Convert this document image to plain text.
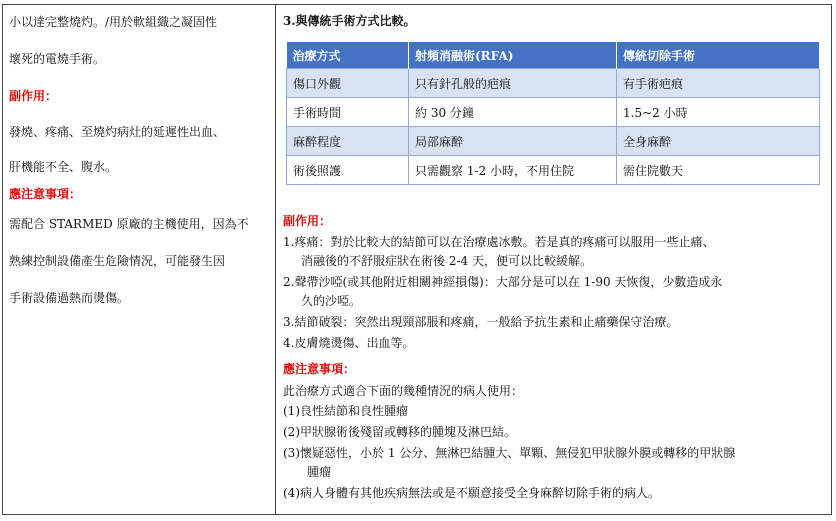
小以達完整燒灼。/用於軟組織之凝固性
壞死的電燒手術。
副作用：
發燒、疼痛、至燒灼病灶的延遲性出血、
肝機能不全、腹水。
應注意事項：
需配合 STARMED 原廠的主機使用，因為不
熟練控制設備產生危險情況，可能發生因
手術設備過熱而燙傷。
3.與傳統手術方式比較。
治療方式	射頻消融術(RFA)	傳統切除手術
傷口外觀	只有針孔般的疤痕	有手術疤痕
手術時間	約 30 分鐘	1.5~2 小時
麻醉程度	局部麻醉	全身麻醉
術後照護	只需觀察 1-2 小時，不用住院	需住院數天
副作用：
1.疼痛：對於比較大的結節可以在治療處冰敷。若是真的疼痛可以服用一些止痛、
消融後的不舒服症狀在術後 2-4 天，便可以比較緩解。
2.聲帶沙啞(或其他附近相關神經損傷)：大部分是可以在 1-90 天恢復，少數造成永
久的沙啞。
3.結節破裂：突然出現頸部脹和疼痛，一般給予抗生素和止痛藥保守治療。
4.皮膚燒燙傷、出血等。
應注意事項：
此治療方式適合下面的幾種情況的病人使用：
(1)良性結節和良性腫瘤
(2)甲狀腺術後殘留或轉移的腫塊及淋巴結。
(3)懷疑惡性，小於 1 公分、無淋巴結腫大、單顆、無侵犯甲狀腺外膜或轉移的甲狀腺
腫瘤
(4)病人身體有其他疾病無法或是不願意接受全身麻醉切除手術的病人。
